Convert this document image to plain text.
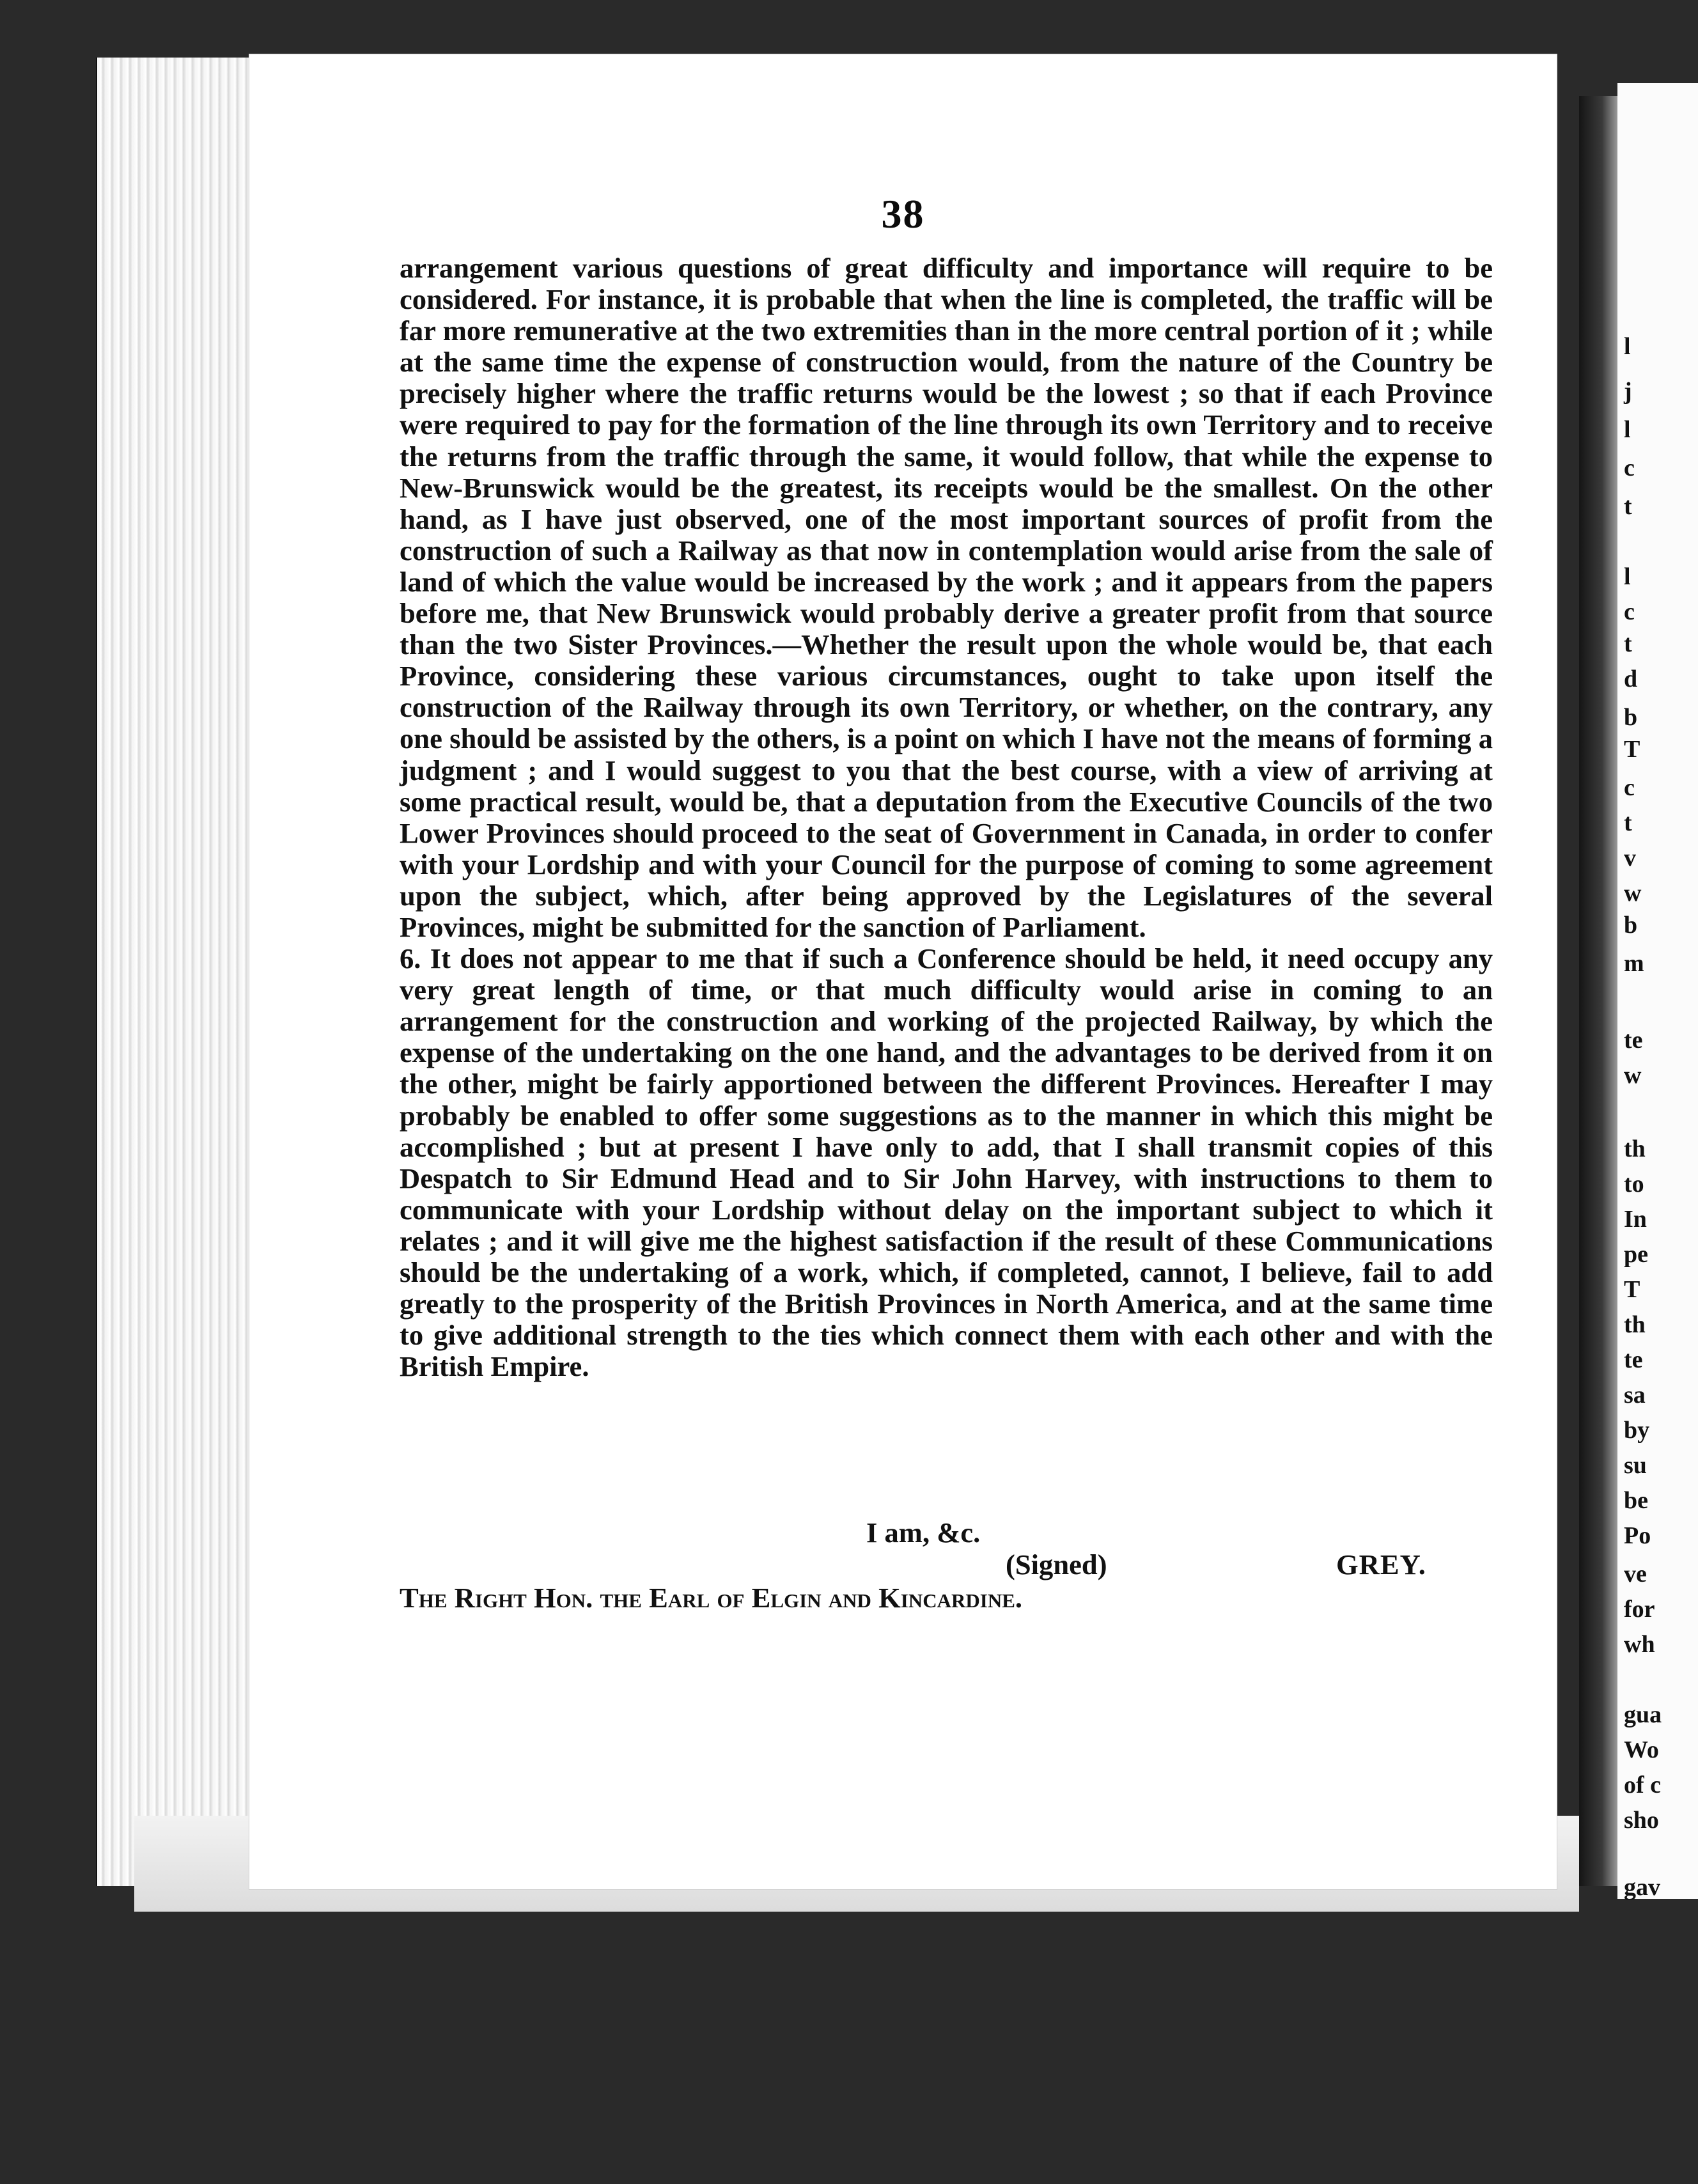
l
j
l
c
t
l
c
t
d
b
T
c
t
v
w
b
m
te
w
th
to
In
pe
T
th
te
sa
by
su
be
Po
ve
for
wh
gua
Wo
of c
sho
gav
38

arrangement various questions of great difficulty and importance will require to be considered. For instance, it is probable that when the line is completed, the traffic will be far more remunerative at the two extremities than in the more central portion of it ; while at the same time the expense of construction would, from the nature of the Country be precisely higher where the traffic returns would be the lowest ; so that if each Province were required to pay for the formation of the line through its own Territory and to receive the returns from the traffic through the same, it would follow, that while the expense to New-Brunswick would be the greatest, its receipts would be the smallest. On the other hand, as I have just observed, one of the most important sources of profit from the construction of such a Railway as that now in contemplation would arise from the sale of land of which the value would be increased by the work ; and it appears from the papers before me, that New Brunswick would probably derive a greater profit from that source than the two Sister Provinces.—Whether the result upon the whole would be, that each Province, considering these various circumstances, ought to take upon itself the construction of the Railway through its own Territory, or whether, on the contrary, any one should be assisted by the others, is a point on which I have not the means of forming a judgment ; and I would suggest to you that the best course, with a view of arriving at some practical result, would be, that a deputation from the Executive Councils of the two Lower Provinces should proceed to the seat of Government in Canada, in order to confer with your Lordship and with your Council for the purpose of coming to some agreement upon the subject, which, after being approved by the Legislatures of the several Provinces, might be submitted for the sanction of Parliament.

6. It does not appear to me that if such a Conference should be held, it need occupy any very great length of time, or that much difficulty would arise in coming to an arrangement for the construction and working of the projected Railway, by which the expense of the undertaking on the one hand, and the advantages to be derived from it on the other, might be fairly apportioned between the different Provinces. Hereafter I may probably be enabled to offer some suggestions as to the manner in which this might be accomplished ; but at present I have only to add, that I shall transmit copies of this Despatch to Sir Edmund Head and to Sir John Harvey, with instructions to them to communicate with your Lordship without delay on the important subject to which it relates ; and it will give me the highest satisfaction if the result of these Communications should be the undertaking of a work, which, if completed, cannot, I believe, fail to add greatly to the prosperity of the British Provinces in North America, and at the same time to give additional strength to the ties which connect them with each other and with the British Empire.

I am, &c.
(Signed)	GREY.
The Right Hon. the Earl of Elgin and Kincardine.
